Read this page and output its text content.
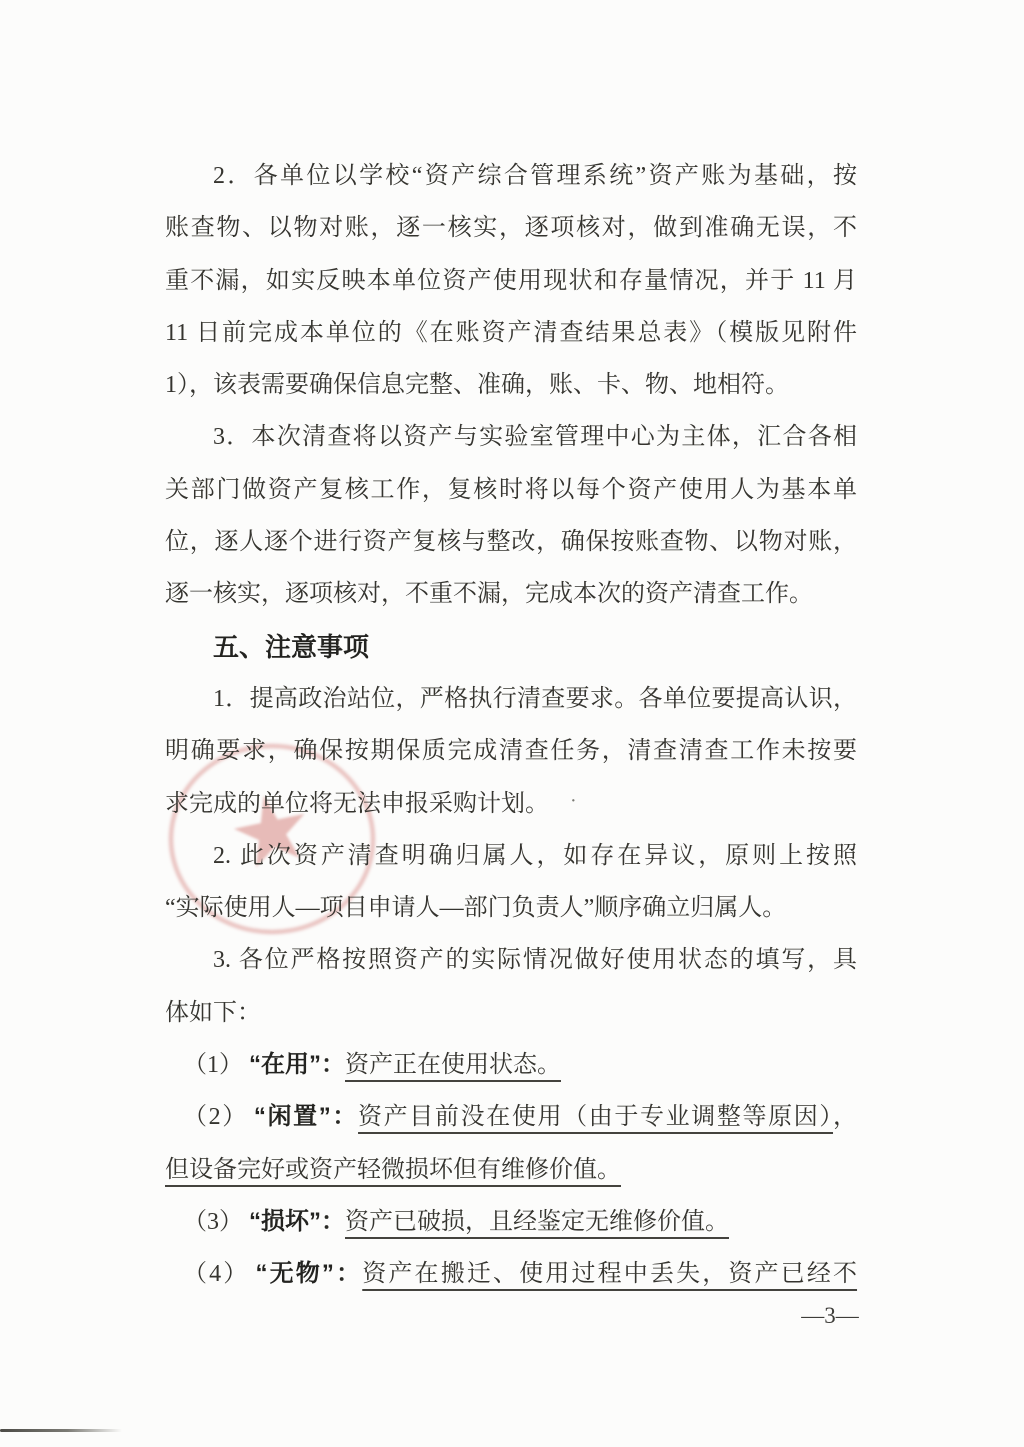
★
2．各单位以学校“资产综合管理系统”资产账为基础，按
账查物、以物对账，逐一核实，逐项核对，做到准确无误，不
重不漏，如实反映本单位资产使用现状和存量情况，并于 11 月
11 日前完成本单位的《在账资产清查结果总表》（模版见附件
1），该表需要确保信息完整、准确，账、卡、物、地相符。
3．本次清查将以资产与实验室管理中心为主体，汇合各相
关部门做资产复核工作，复核时将以每个资产使用人为基本单
位，逐人逐个进行资产复核与整改，确保按账查物、以物对账，
逐一核实，逐项核对，不重不漏，完成本次的资产清查工作。
五、注意事项
1．提高政治站位，严格执行清查要求。各单位要提高认识，
明确要求，确保按期保质完成清查任务，清查清查工作未按要
求完成的单位将无法申报采购计划。
2. 此次资产清查明确归属人，如存在异议，原则上按照
“实际使用人—项目申请人—部门负责人”顺序确立归属人。
3. 各位严格按照资产的实际情况做好使用状态的填写，具
体如下：
（1） “在用”：资产正在使用状态。
（2） “闲置”：资产目前没在使用（由于专业调整等原因），
但设备完好或资产轻微损坏但有维修价值。
（3） “损坏”：资产已破损，且经鉴定无维修价值。
（4） “无物”：资产在搬迁、使用过程中丢失，资产已经不
·
—3—
